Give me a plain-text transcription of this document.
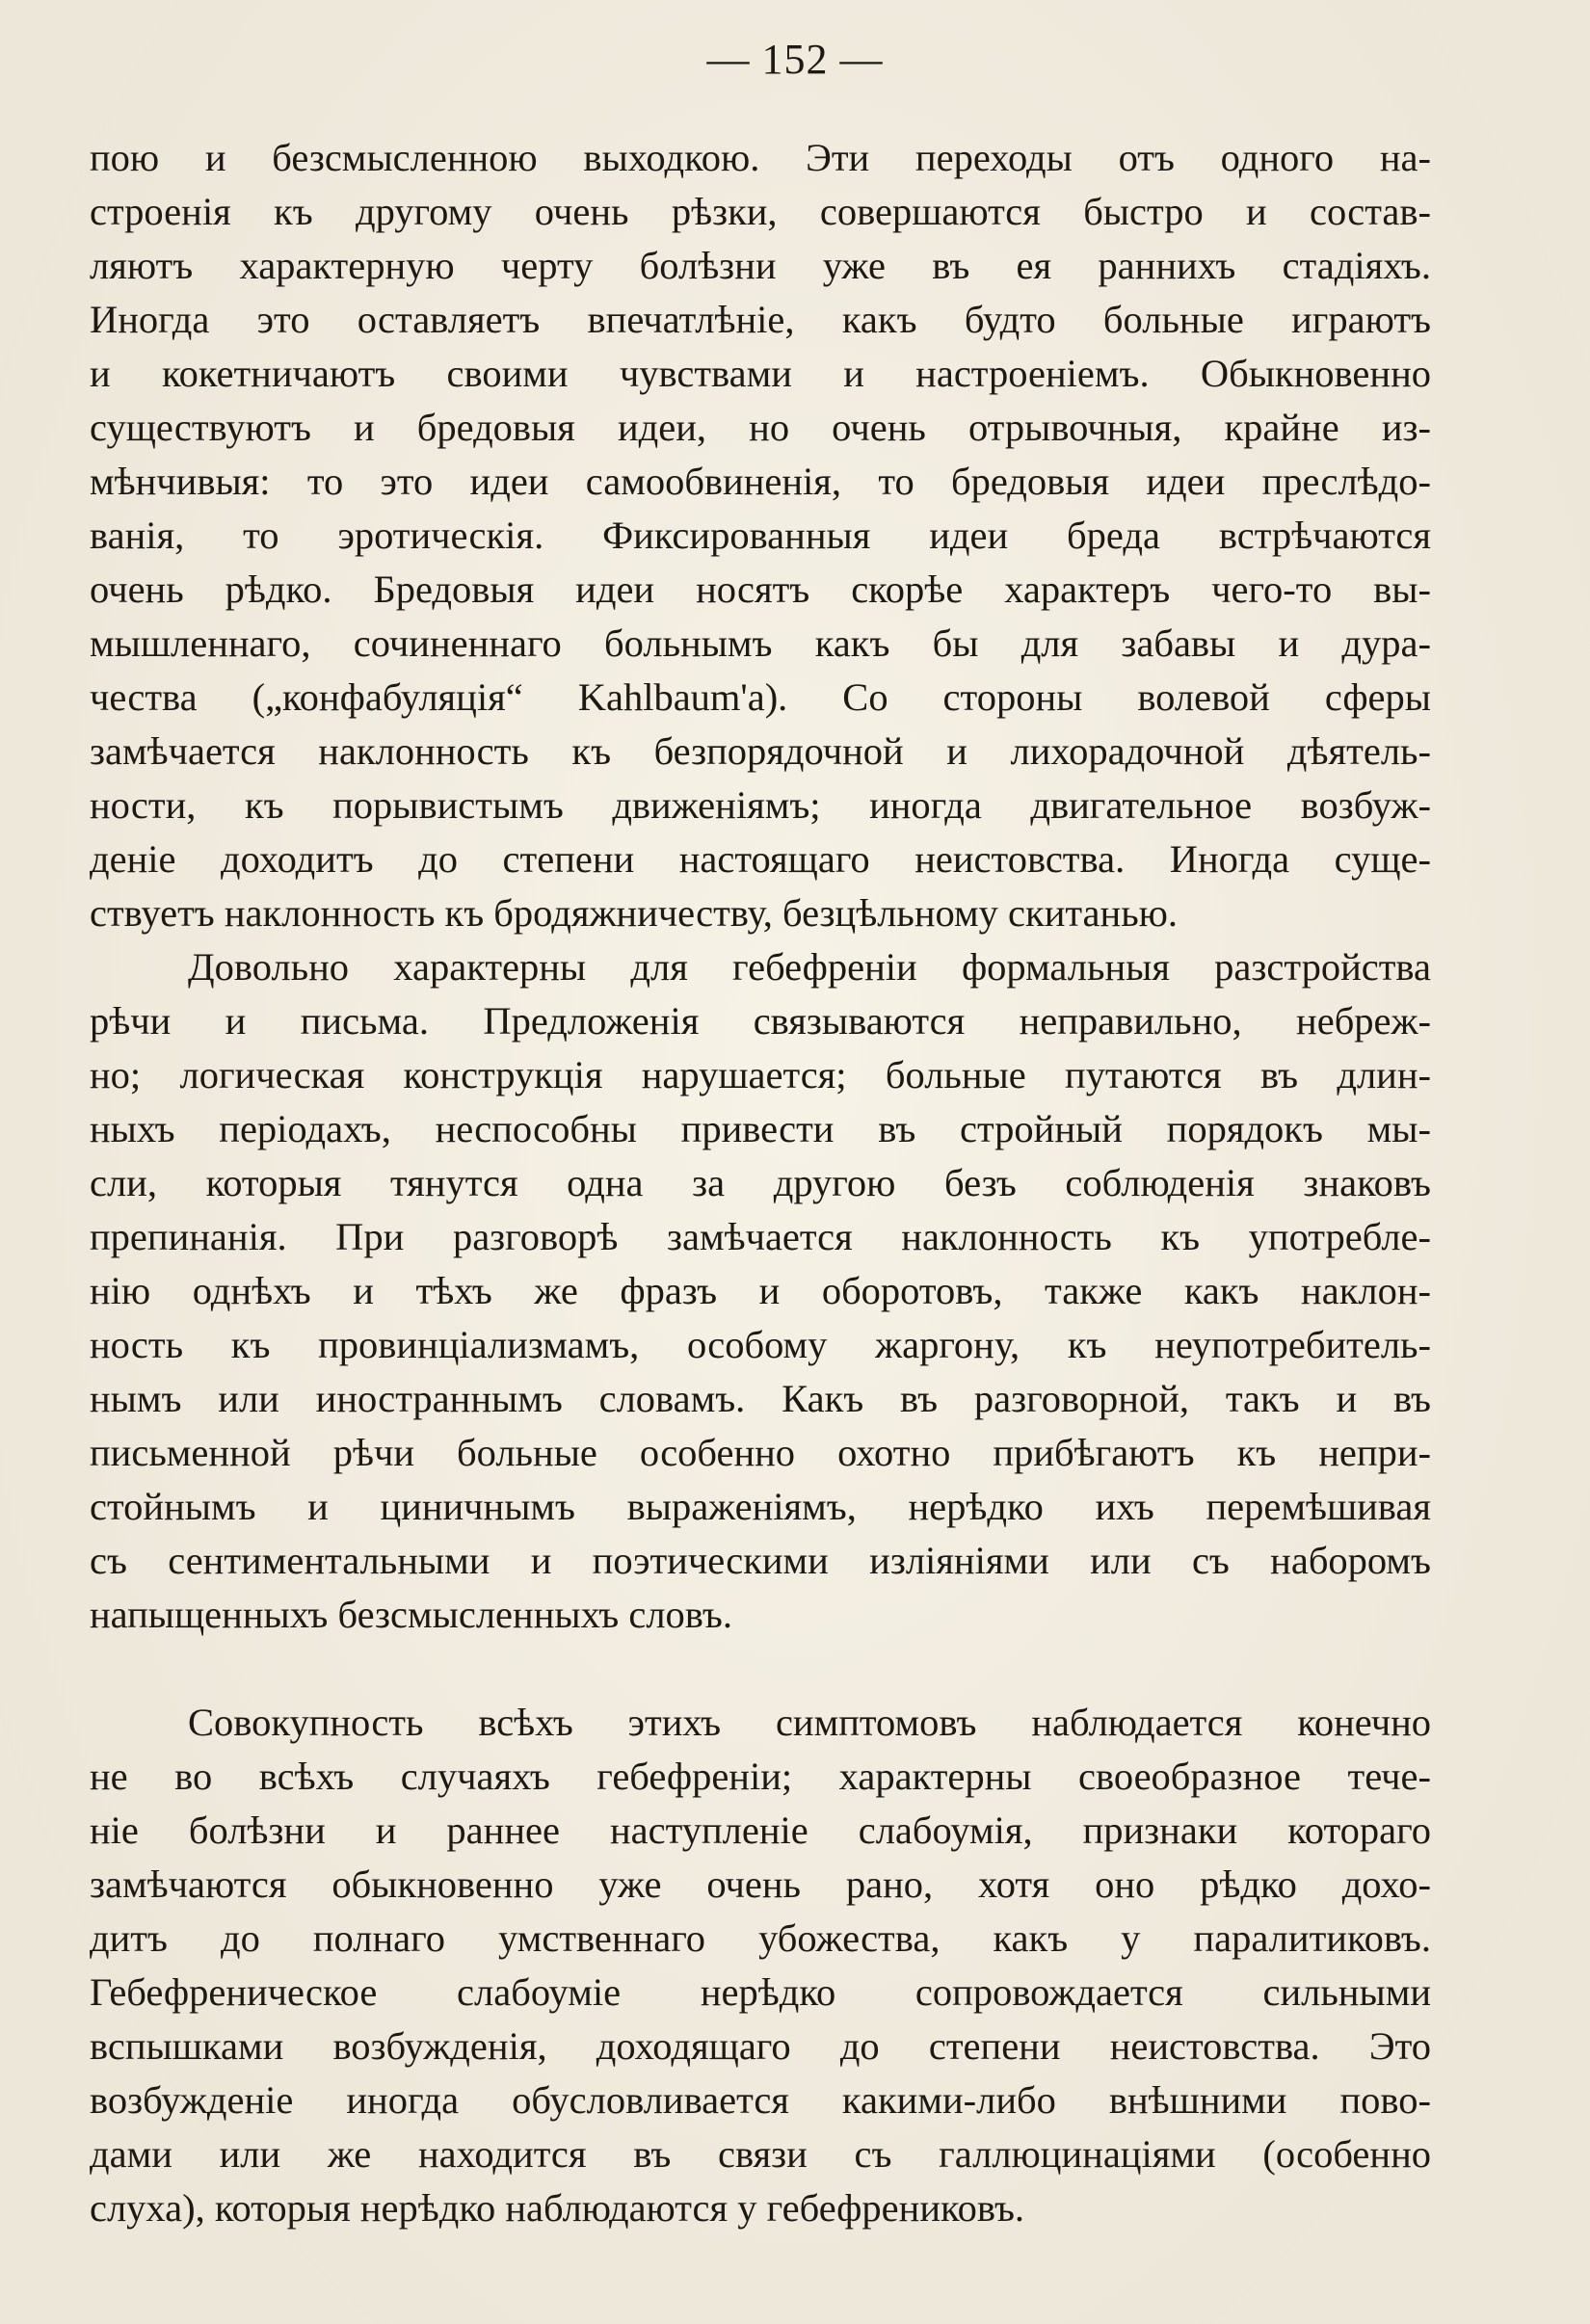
— 152 —
пою и безсмысленною выходкою. Эти переходы отъ одного на-
строенія къ другому очень рѣзки, совершаются быстро и состав-
ляютъ характерную черту болѣзни уже въ ея раннихъ стадіяхъ.
Иногда это оставляетъ впечатлѣніе, какъ будто больные играютъ
и кокетничаютъ своими чувствами и настроеніемъ. Обыкновенно
существуютъ и бредовыя идеи, но очень отрывочныя, крайне из-
мѣнчивыя: то это идеи самообвиненія, то бредовыя идеи преслѣдо-
ванія, то эротическія. Фиксированныя идеи бреда встрѣчаются
очень рѣдко. Бредовыя идеи носятъ скорѣе характеръ чего-то вы-
мышленнаго, сочиненнаго больнымъ какъ бы для забавы и дура-
чества („конфабуляція“ Kahlbaum'a). Со стороны волевой сферы
замѣчается наклонность къ безпорядочной и лихорадочной дѣятель-
ности, къ порывистымъ движеніямъ; иногда двигательное возбуж-
деніе доходитъ до степени настоящаго неистовства. Иногда суще-
ствуетъ наклонность къ бродяжничеству, безцѣльному скитанью.
Довольно характерны для гебефреніи формальныя разстройства
рѣчи и письма. Предложенія связываются неправильно, небреж-
но; логическая конструкція нарушается; больные путаются въ длин-
ныхъ періодахъ, неспособны привести въ стройный порядокъ мы-
сли, которыя тянутся одна за другою безъ соблюденія знаковъ
препинанія. При разговорѣ замѣчается наклонность къ употребле-
нію однѣхъ и тѣхъ же фразъ и оборотовъ, также какъ наклон-
ность къ провинціализмамъ, особому жаргону, къ неупотребитель-
нымъ или иностраннымъ словамъ. Какъ въ разговорной, такъ и въ
письменной рѣчи больные особенно охотно прибѣгаютъ къ непри-
стойнымъ и циничнымъ выраженіямъ, нерѣдко ихъ перемѣшивая
съ сентиментальными и поэтическими изліяніями или съ наборомъ
напыщенныхъ безсмысленныхъ словъ.
Совокупность всѣхъ этихъ симптомовъ наблюдается конечно
не во всѣхъ случаяхъ гебефреніи; характерны своеобразное тече-
ніе болѣзни и раннее наступленіе слабоумія, признаки котораго
замѣчаются обыкновенно уже очень рано, хотя оно рѣдко дохо-
дитъ до полнаго умственнаго убожества, какъ у паралитиковъ.
Гебефреническое слабоуміе нерѣдко сопровождается сильными
вспышками возбужденія, доходящаго до степени неистовства. Это
возбужденіе иногда обусловливается какими-либо внѣшними пово-
дами или же находится въ связи съ галлюцинаціями (особенно
слуха), которыя нерѣдко наблюдаются у гебефрениковъ.
